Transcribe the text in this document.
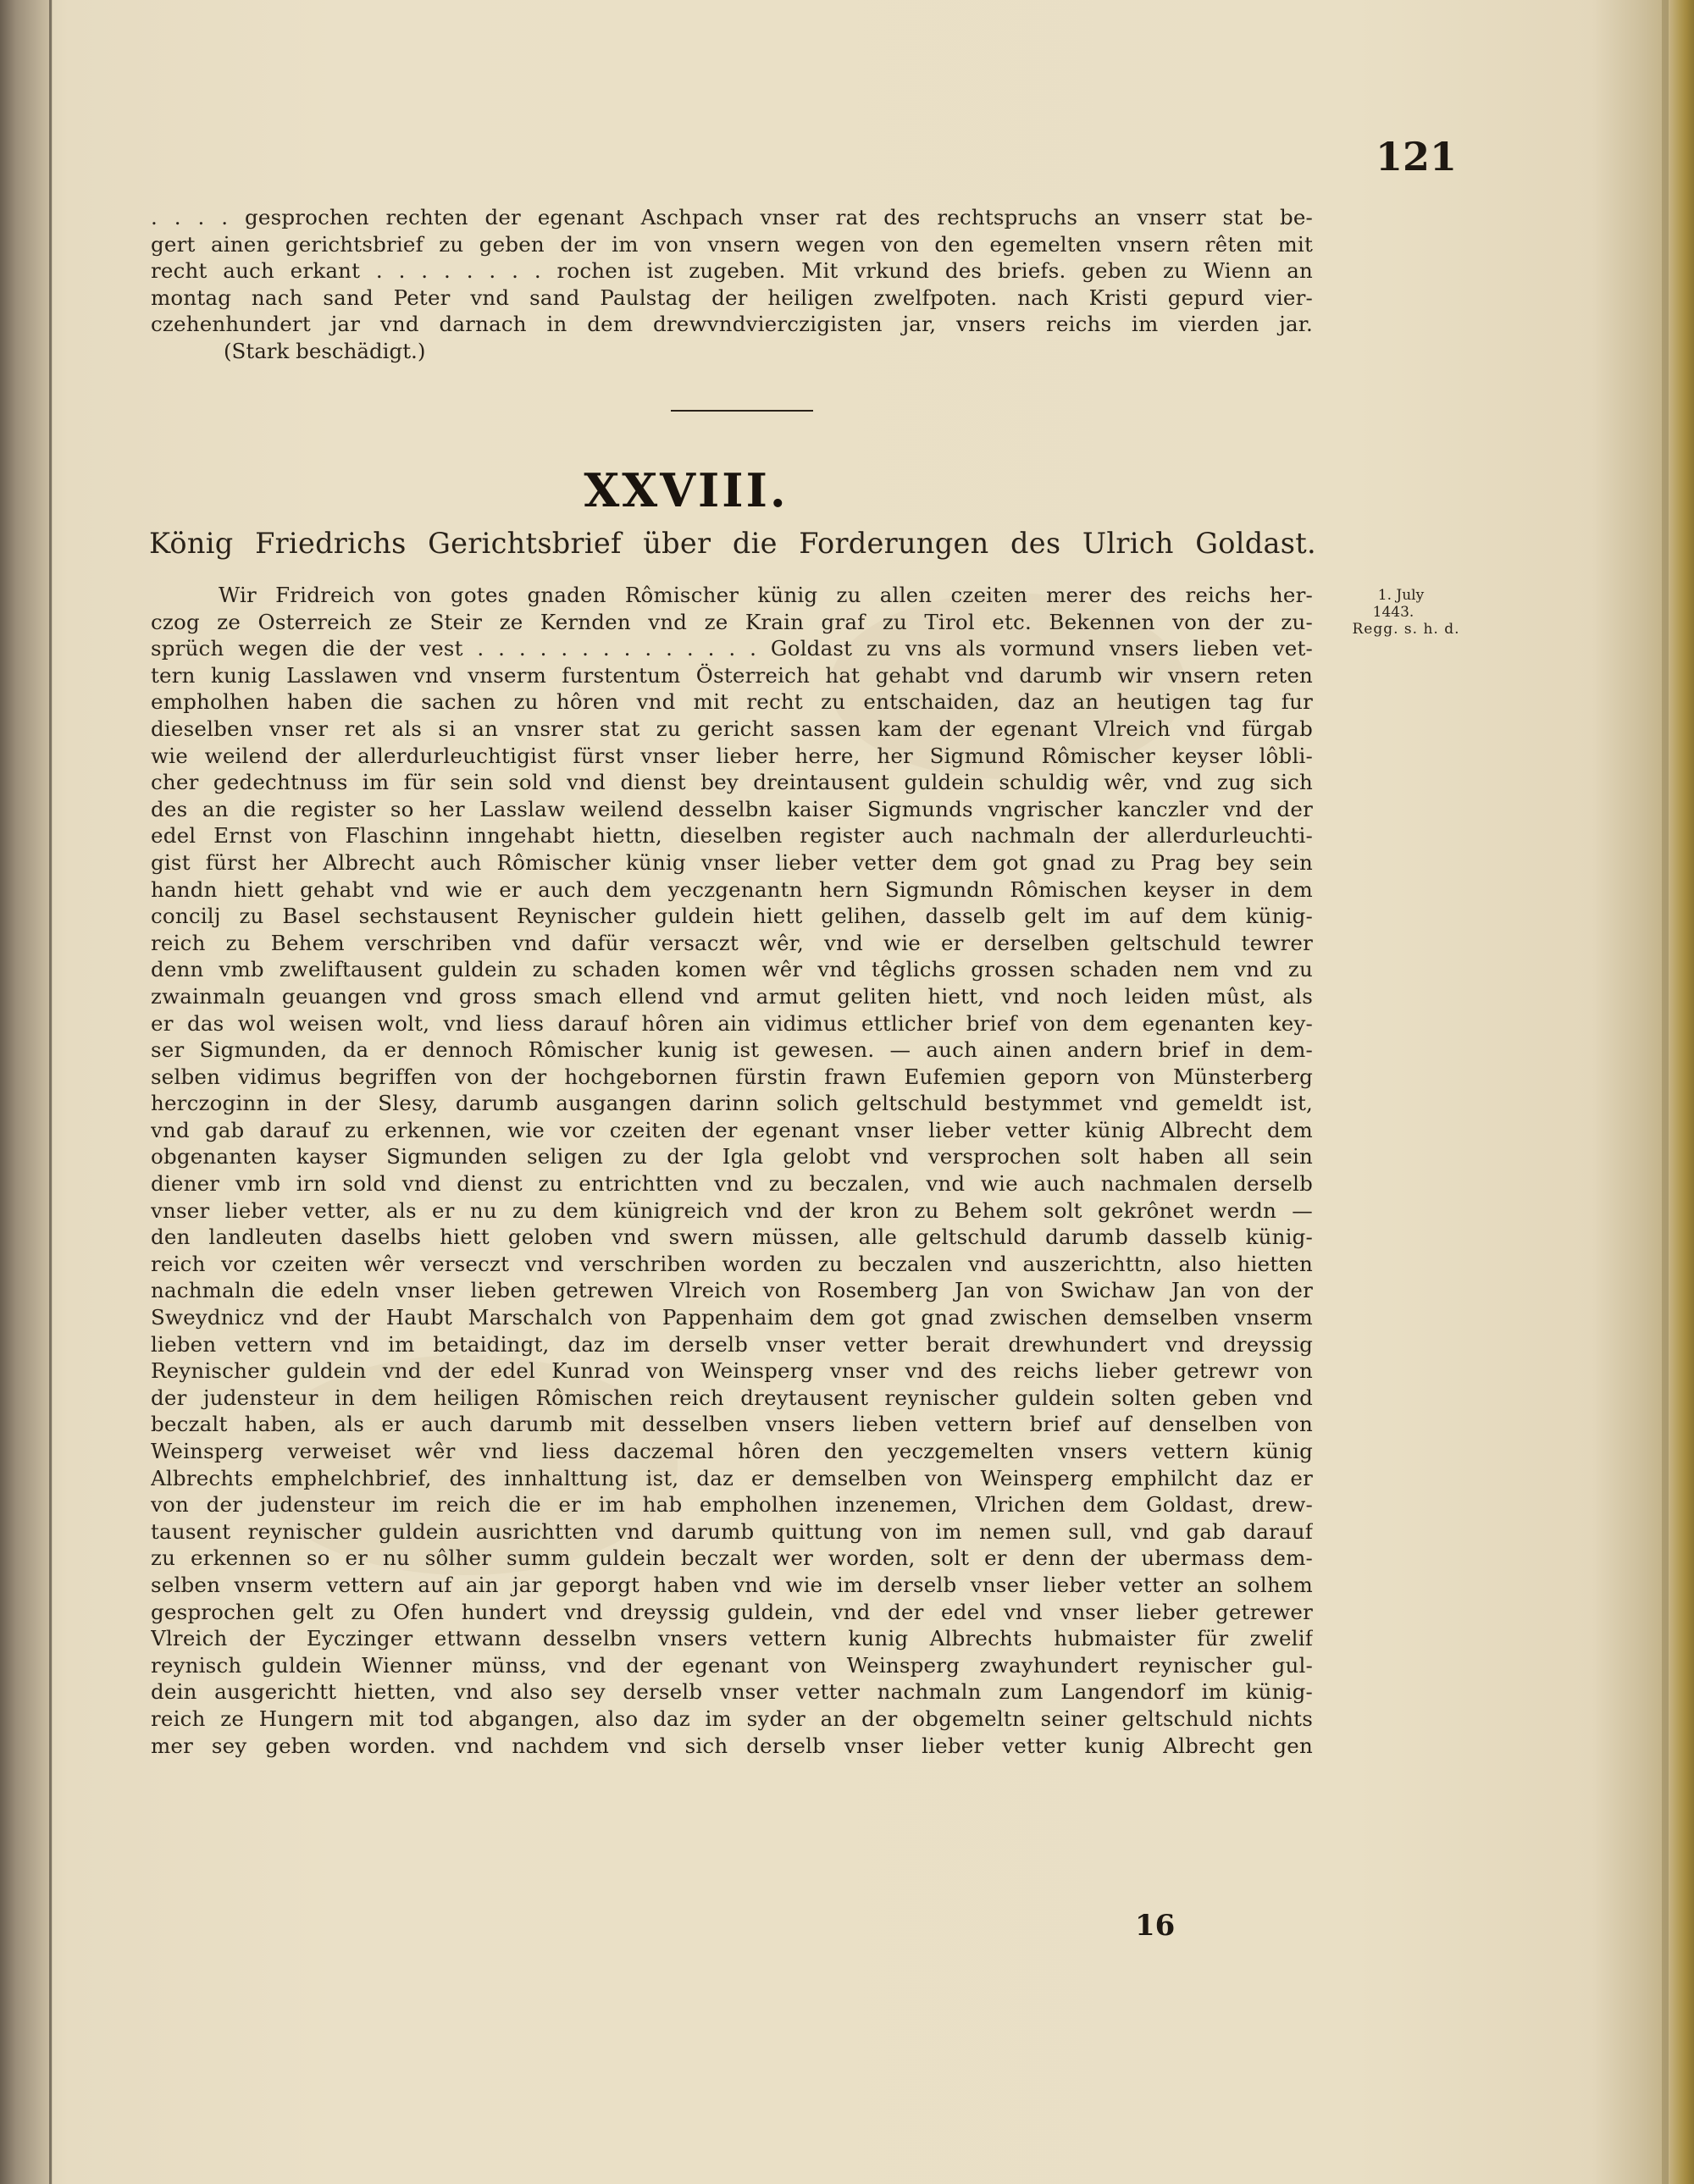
121
. . . . gesprochen rechten der egenant Aschpach vnser rat des rechtspruchs an vnserr stat be-
gert ainen gerichtsbrief zu geben der im von vnsern wegen von den egemelten vnsern rêten mit
recht auch erkant . . . . . . . . rochen ist zugeben. Mit vrkund des briefs. geben zu Wienn an
montag nach sand Peter vnd sand Paulstag der heiligen zwelfpoten. nach Kristi gepurd vier-
czehenhundert jar vnd darnach in dem drewvndvierczigisten jar, vnsers reichs im vierden jar.
(Stark beschädigt.)
XXVIII.
König Friedrichs Gerichtsbrief über die Forderungen des Ulrich Goldast.
1. July
1443.
Regg. s. h. d.
Wir Fridreich von gotes gnaden Rômischer künig zu allen czeiten merer des reichs her-
czog ze Osterreich ze Steir ze Kernden vnd ze Krain graf zu Tirol etc. Bekennen von der zu-
sprüch wegen die der vest . . . . . . . . . . . . . . Goldast zu vns als vormund vnsers lieben vet-
tern kunig Lasslawen vnd vnserm furstentum Österreich hat gehabt vnd darumb wir vnsern reten
empholhen haben die sachen zu hôren vnd mit recht zu entschaiden, daz an heutigen tag fur
dieselben vnser ret als si an vnsrer stat zu gericht sassen kam der egenant Vlreich vnd fürgab
wie weilend der allerdurleuchtigist fürst vnser lieber herre, her Sigmund Rômischer keyser lôbli-
cher gedechtnuss im für sein sold vnd dienst bey dreintausent guldein schuldig wêr, vnd zug sich
des an die register so her Lasslaw weilend desselbn kaiser Sigmunds vngrischer kanczler vnd der
edel Ernst von Flaschinn inngehabt hiettn, dieselben register auch nachmaln der allerdurleuchti-
gist fürst her Albrecht auch Rômischer künig vnser lieber vetter dem got gnad zu Prag bey sein
handn hiett gehabt vnd wie er auch dem yeczgenantn hern Sigmundn Rômischen keyser in dem
concilj zu Basel sechstausent Reynischer guldein hiett gelihen, dasselb gelt im auf dem künig-
reich zu Behem verschriben vnd dafür versaczt wêr, vnd wie er derselben geltschuld tewrer
denn vmb zweliftausent guldein zu schaden komen wêr vnd têglichs grossen schaden nem vnd zu
zwainmaln geuangen vnd gross smach ellend vnd armut geliten hiett, vnd noch leiden mûst, als
er das wol weisen wolt, vnd liess darauf hôren ain vidimus ettlicher brief von dem egenanten key-
ser Sigmunden, da er dennoch Rômischer kunig ist gewesen. — auch ainen andern brief in dem-
selben vidimus begriffen von der hochgebornen fürstin frawn Eufemien geporn von Münsterberg
herczoginn in der Slesy, darumb ausgangen darinn solich geltschuld bestymmet vnd gemeldt ist,
vnd gab darauf zu erkennen, wie vor czeiten der egenant vnser lieber vetter künig Albrecht dem
obgenanten kayser Sigmunden seligen zu der Igla gelobt vnd versprochen solt haben all sein
diener vmb irn sold vnd dienst zu entrichtten vnd zu beczalen, vnd wie auch nachmalen derselb
vnser lieber vetter, als er nu zu dem künigreich vnd der kron zu Behem solt gekrônet werdn —
den landleuten daselbs hiett geloben vnd swern müssen, alle geltschuld darumb dasselb künig-
reich vor czeiten wêr verseczt vnd verschriben worden zu beczalen vnd auszerichttn, also hietten
nachmaln die edeln vnser lieben getrewen Vlreich von Rosemberg Jan von Swichaw Jan von der
Sweydnicz vnd der Haubt Marschalch von Pappenhaim dem got gnad zwischen demselben vnserm
lieben vettern vnd im betaidingt, daz im derselb vnser vetter berait drewhundert vnd dreyssig
Reynischer guldein vnd der edel Kunrad von Weinsperg vnser vnd des reichs lieber getrewr von
der judensteur in dem heiligen Rômischen reich dreytausent reynischer guldein solten geben vnd
beczalt haben, als er auch darumb mit desselben vnsers lieben vettern brief auf denselben von
Weinsperg verweiset wêr vnd liess daczemal hôren den yeczgemelten vnsers vettern künig
Albrechts emphelchbrief, des innhalttung ist, daz er demselben von Weinsperg emphilcht daz er
von der judensteur im reich die er im hab empholhen inzenemen, Vlrichen dem Goldast, drew-
tausent reynischer guldein ausrichtten vnd darumb quittung von im nemen sull, vnd gab darauf
zu erkennen so er nu sôlher summ guldein beczalt wer worden, solt er denn der ubermass dem-
selben vnserm vettern auf ain jar geporgt haben vnd wie im derselb vnser lieber vetter an solhem
gesprochen gelt zu Ofen hundert vnd dreyssig guldein, vnd der edel vnd vnser lieber getrewer
Vlreich der Eyczinger ettwann desselbn vnsers vettern kunig Albrechts hubmaister für zwelif
reynisch guldein Wienner münss, vnd der egenant von Weinsperg zwayhundert reynischer gul-
dein ausgerichtt hietten, vnd also sey derselb vnser vetter nachmaln zum Langendorf im künig-
reich ze Hungern mit tod abgangen, also daz im syder an der obgemeltn seiner geltschuld nichts
mer sey geben worden. vnd nachdem vnd sich derselb vnser lieber vetter kunig Albrecht gen
16
